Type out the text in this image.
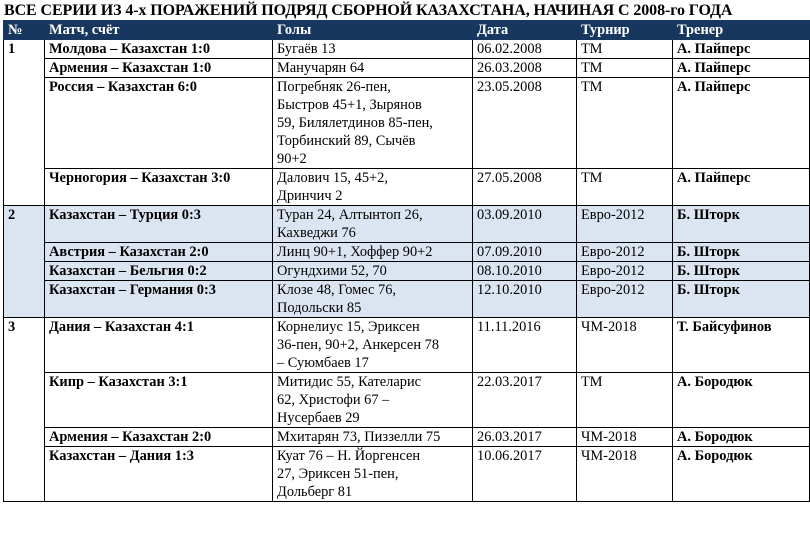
ВСЕ СЕРИИ ИЗ 4-х ПОРАЖЕНИЙ ПОДРЯД СБОРНОЙ КАЗАХСТАНА, НАЧИНАЯ С 2008-го ГОДА
№	Матч, счёт	Голы	Дата	Турнир	Тренер
1	Молдова – Казахстан 1:0	Бугаёв 13	06.02.2008	ТМ	А. Пайперс
	Армения – Казахстан 1:0	Манучарян 64	26.03.2008	ТМ	А. Пайперс
	Россия – Казахстан 6:0	Погребняк 26-пен,
Быстров 45+1, Зырянов
59, Билялетдинов 85-пен,
Торбинский 89, Сычёв
90+2	23.05.2008	ТМ	А. Пайперс
	Черногория – Казахстан 3:0	Далович 15, 45+2,
Дринчич 2	27.05.2008	ТМ	А. Пайперс
2	Казахстан – Турция 0:3	Туран 24, Алтынтоп 26,
Кахведжи 76	03.09.2010	Евро-2012	Б. Шторк
	Австрия – Казахстан 2:0	Линц 90+1, Хоффер 90+2	07.09.2010	Евро-2012	Б. Шторк
	Казахстан – Бельгия 0:2	Огундхими 52, 70	08.10.2010	Евро-2012	Б. Шторк
	Казахстан – Германия 0:3	Клозе 48, Гомес 76,
Подольски 85	12.10.2010	Евро-2012	Б. Шторк
3	Дания – Казахстан 4:1	Корнелиус 15, Эриксен
36-пен, 90+2, Анкерсен 78
– Суюмбаев 17	11.11.2016	ЧМ-2018	Т. Байсуфинов
	Кипр – Казахстан 3:1	Митидис 55, Кателарис
62, Христофи 67 –
Нусербаев 29	22.03.2017	ТМ	А. Бородюк
	Армения – Казахстан 2:0	Мхитарян 73, Пиззелли 75	26.03.2017	ЧМ-2018	А. Бородюк
	Казахстан – Дания 1:3	Куат 76 – Н. Йоргенсен
27, Эриксен 51-пен,
Дольберг 81	10.06.2017	ЧМ-2018	А. Бородюк
